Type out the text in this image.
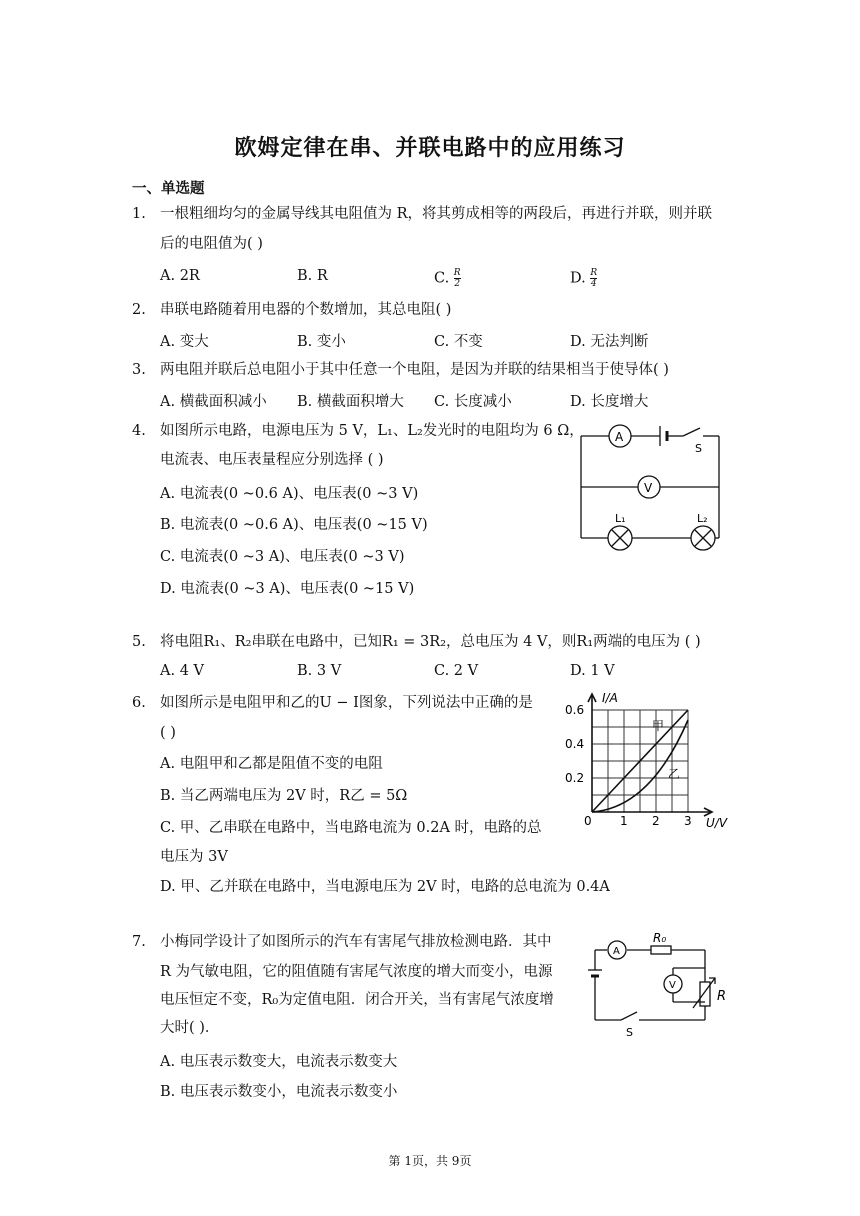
欧姆定律在串、并联电路中的应用练习
一、单选题
1. 一根粗细均匀的金属导线其电阻值为 R，将其剪成相等的两段后，再进行并联，则并联
后的电阻值为( )
A. 2R	B. R	C. $\frac{R}{2}$	D. $\frac{R}{4}$
2. 串联电路随着用电器的个数增加，其总电阻( )
A. 变大	B. 变小	C. 不变	D. 无法判断
3. 两电阻并联后总电阻小于其中任意一个电阻，是因为并联的结果相当于使导体( )
A. 横截面积减小 B. 横截面积增大 C. 长度减小	D. 长度增大
4. 如图所示电路，电源电压为 5 V，L₁、L₂发光时的电阻均为 6 Ω，
电流表、电压表量程应分别选择 ( )
A. 电流表(0 ~0.6 A)、电压表(0 ~3 V)
B. 电流表(0 ~0.6 A)、电压表(0 ~15 V)
C. 电流表(0 ~3 A)、电压表(0 ~3 V)
D. 电流表(0 ~3 A)、电压表(0 ~15 V)
A
V
S
L₁	L₂
5. 将电阻R₁、R₂串联在电路中，已知R₁ = 3R₂，总电压为 4 V，则R₁两端的电压为 ( )
A. 4 V	B. 3 V	C. 2 V	D. 1 V
6. 如图所示是电阻甲和乙的U − I图象，下列说法中正确的是
( )
A. 电阻甲和乙都是阻值不变的电阻
B. 当乙两端电压为 2V 时，R乙 = 5Ω
C. 甲、乙串联在电路中，当电路电流为 0.2A 时，电路的总
电压为 3V
D. 甲、乙并联在电路中，当电源电压为 2V 时，电路的总电流为 0.4A
I/A
U/V
0.6
0.4
0.2
0 1 2 3
甲
乙
7. 小梅同学设计了如图所示的汽车有害尾气排放检测电路．其中
R 为气敏电阻，它的阻值随有害尾气浓度的增大而变小，电源
电压恒定不变，R₀为定值电阻．闭合开关，当有害尾气浓度增
大时( )．
A. 电压表示数变大，电流表示数变大
B. 电压表示数变小，电流表示数变小
A
V
R₀
R
S
第 1页，共 9页
